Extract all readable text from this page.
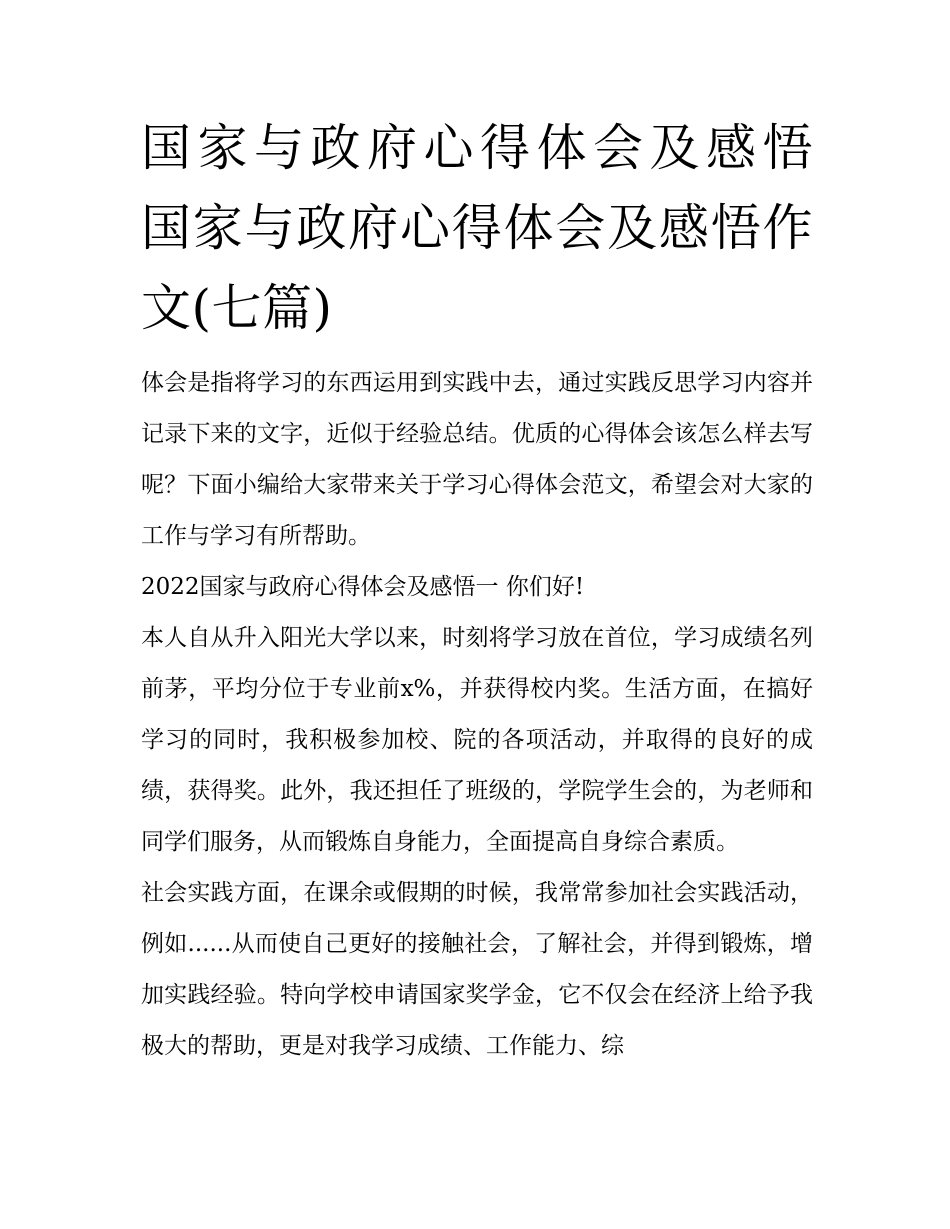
国家与政府心得体会及感悟 国家与政府心得体会及感悟作文(七篇)

体会是指将学习的东西运用到实践中去，通过实践反思学习内容并记录下来的文字，近似于经验总结。优质的心得体会该怎么样去写呢？下面小编给大家带来关于学习心得体会范文，希望会对大家的工作与学习有所帮助。

2022国家与政府心得体会及感悟一 你们好!

本人自从升入阳光大学以来，时刻将学习放在首位，学习成绩名列前茅，平均分位于专业前x%，并获得校内奖。生活方面，在搞好学习的同时，我积极参加校、院的各项活动，并取得的良好的成绩，获得奖。此外，我还担任了班级的，学院学生会的，为老师和同学们服务，从而锻炼自身能力，全面提高自身综合素质。

社会实践方面，在课余或假期的时候，我常常参加社会实践活动，例如......从而使自己更好的接触社会，了解社会，并得到锻炼，增加实践经验。特向学校申请国家奖学金，它不仅会在经济上给予我极大的帮助，更是对我学习成绩、工作能力、综
